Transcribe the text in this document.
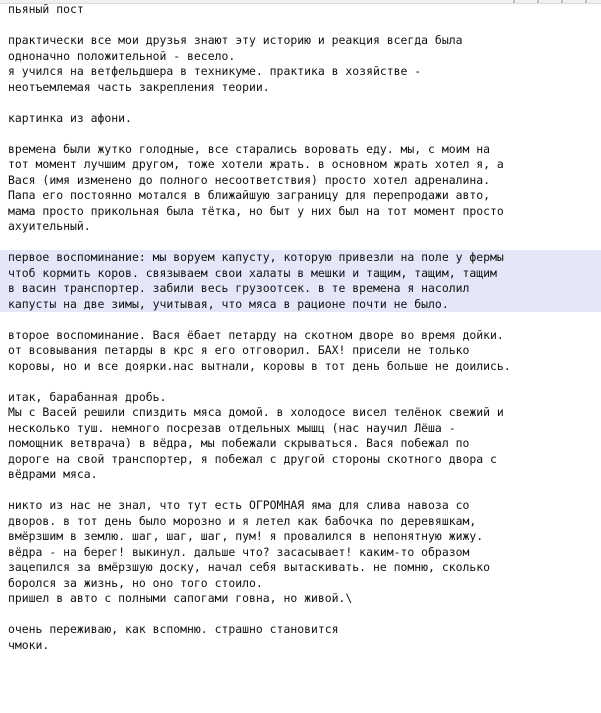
пьяный пост
практически все мои друзья знают эту историю и реакция всегда была
одноначно положительной - весело.
я учился на ветфельдшера в техникуме. практика в хозяйстве -
неотъемлемая часть закрепления теории.
картинка из афони.
времена были жутко голодные, все старались воровать еду. мы, с моим на
тот момент лучшим другом, тоже хотели жрать. в основном жрать хотел я, а
Вася (имя изменено до полного несоответствия) просто хотел адреналина.
Папа его постоянно мотался в ближайшую заграницу для перепродажи авто,
мама просто прикольная была тётка, но быт у них был на тот момент просто
ахуительный.
первое воспоминание: мы воруем капусту, которую привезли на поле у фермы
чтоб кормить коров. связываем свои халаты в мешки и тащим, тащим, тащим
в васин транспортер. забили весь грузоотсек. в те времена я насолил
капусты на две зимы, учитывая, что мяса в рационе почти не было.
второе воспоминание. Вася ёбает петарду на скотном дворе во время дойки.
от всовывания петарды в крс я его отговорил. БАХ! присели не только
коровы, но и все доярки.нас вытнали, коровы в тот день больше не доились.
итак, барабанная дробь.
Мы с Васей решили спиздить мяса домой. в холодосе висел телёнок свежий и
несколько туш. немного посрезав отдельных мышц (нас научил Лёша -
помощник ветврача) в вёдра, мы побежали скрываться. Вася побежал по
дороге на свой транспортер, я побежал с другой стороны скотного двора с
вёдрами мяса.
никто из нас не знал, что тут есть ОГРОМНАЯ яма для слива навоза со
дворов. в тот день было морозно и я летел как бабочка по деревяшкам,
вмёрзшим в землю. шаг, шаг, шаг, пум! я провалился в непонятную жижу.
вёдра - на берег! выкинул. дальше что? засасывает! каким-то образом
зацепился за вмёрзшую доску, начал себя вытаскивать. не помню, сколько
боролся за жизнь, но оно того стоило.
пришел в авто с полными сапогами говна, но живой.\
очень переживаю, как вспомню. страшно становится
чмоки.
